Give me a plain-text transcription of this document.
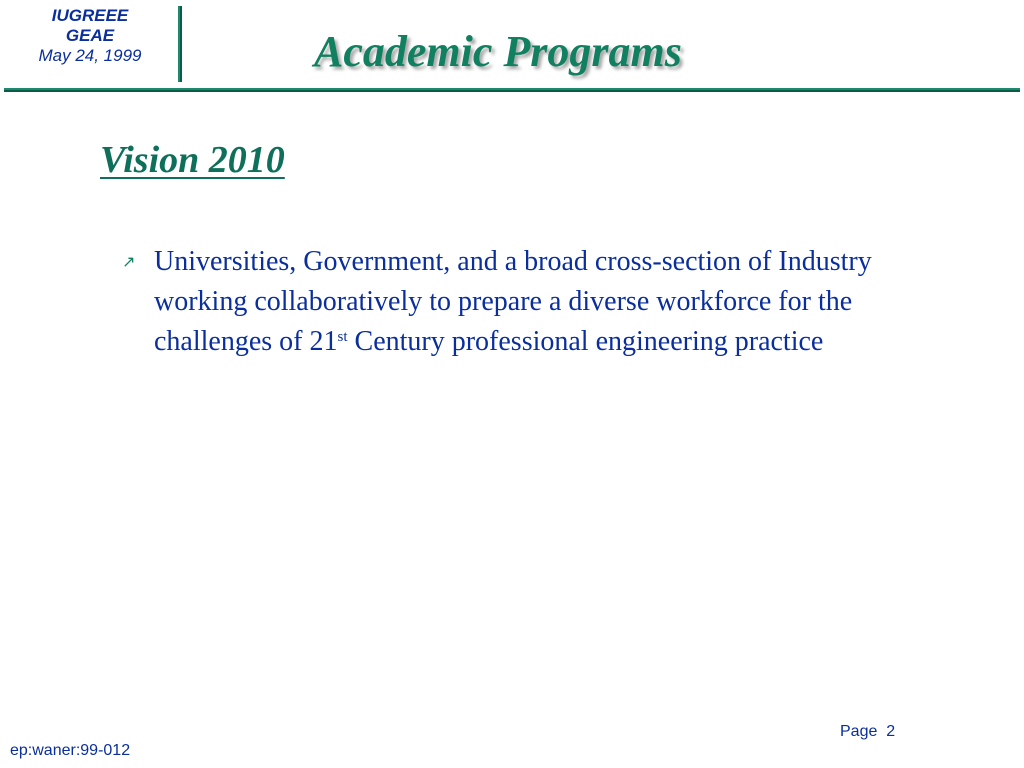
IUGREEE
GEAE
May 24, 1999	Academic Programs
Vision 2010
↗ Universities, Government, and a broad cross-section of Industry working collaboratively to prepare a diverse workforce for the challenges of 21st Century professional engineering practice
Page  2
ep:waner:99-012
